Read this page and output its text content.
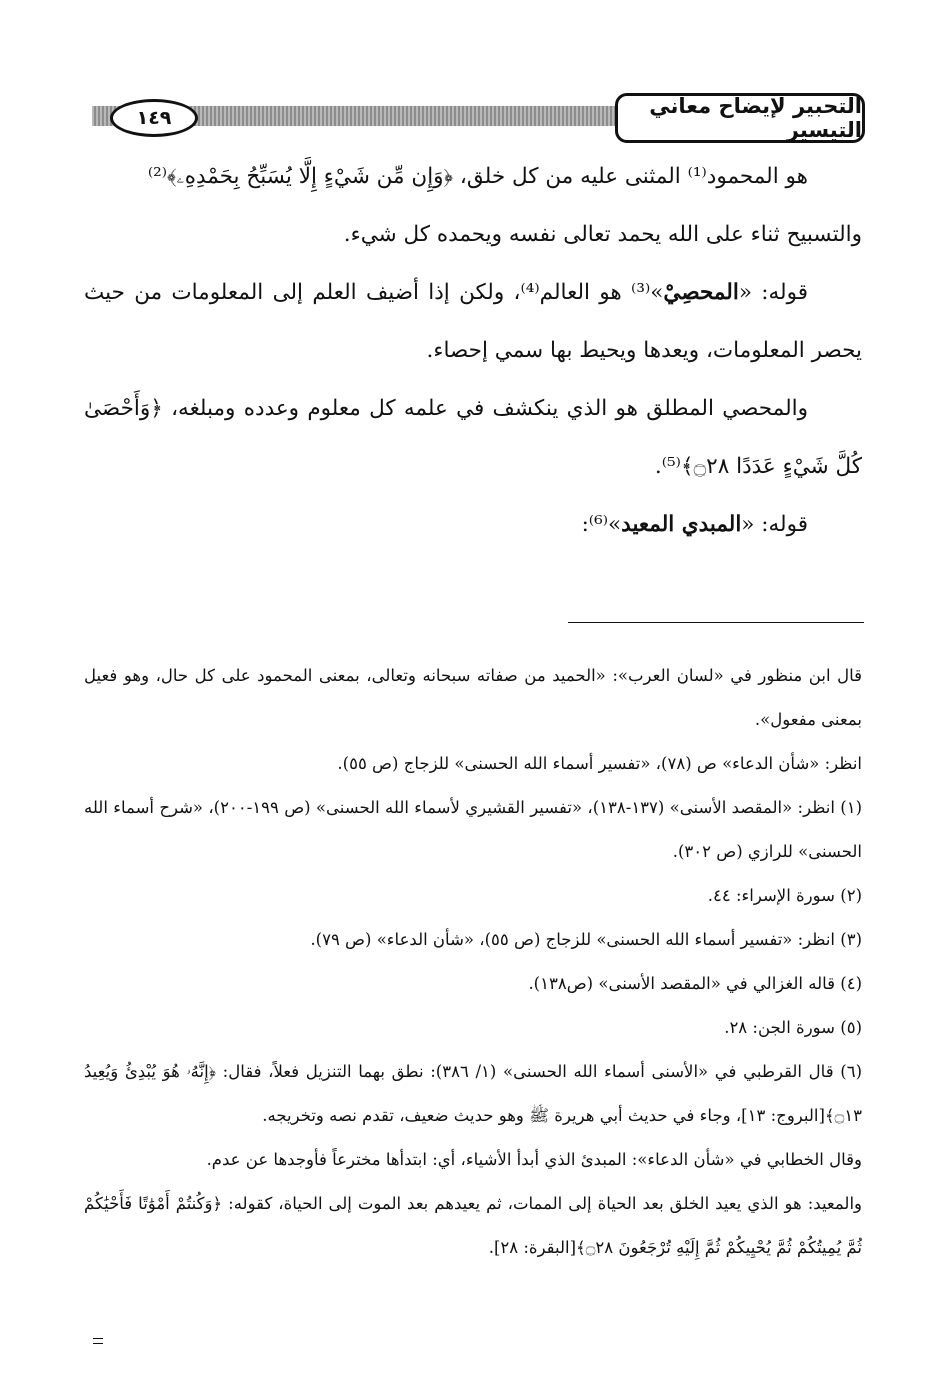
التحبير لإيضاح معاني التيسير
١٤٩

هو المحمود⁽¹⁾ المثنى عليه من كل خلق، ﴿وَإِن مِّن شَيْءٍ إِلَّا يُسَبِّحُ بِحَمْدِهِۦ﴾⁽²⁾

والتسبيح ثناء على الله يحمد تعالى نفسه ويحمده كل شيء.

قوله: «المحصِيْ»⁽³⁾ هو العالم⁽⁴⁾، ولكن إذا أضيف العلم إلى المعلومات من حيث يحصر المعلومات، ويعدها ويحيط بها سمي إحصاء.

والمحصي المطلق هو الذي ينكشف في علمه كل معلوم وعدده ومبلغه، ﴿وَأَحْصَىٰ كُلَّ شَيْءٍ عَدَدًا ۝٢٨﴾⁽⁵⁾.

قوله: «المبدي المعيد»⁽⁶⁾:

قال ابن منظور في «لسان العرب»: «الحميد من صفاته سبحانه وتعالى، بمعنى المحمود على كل حال، وهو فعيل بمعنى مفعول».

انظر: «شأن الدعاء» ص (٧٨)، «تفسير أسماء الله الحسنى» للزجاج (ص ٥٥).

(١) انظر: «المقصد الأسنى» (١٣٧-١٣٨)، «تفسير القشيري لأسماء الله الحسنى» (ص ١٩٩-٢٠٠)، «شرح أسماء الله الحسنى» للرازي (ص ٣٠٢).

(٢) سورة الإسراء: ٤٤.

(٣) انظر: «تفسير أسماء الله الحسنى» للزجاج (ص ٥٥)، «شأن الدعاء» (ص ٧٩).

(٤) قاله الغزالي في «المقصد الأسنى» (ص١٣٨).

(٥) سورة الجن: ٢٨.

(٦) قال القرطبي في «الأسنى أسماء الله الحسنى» (١/ ٣٨٦): نطق بهما التنزيل فعلاً، فقال: ﴿إِنَّهُۥ هُوَ يُبْدِئُ وَيُعِيدُ ۝١٣﴾[البروج: ١٣]، وجاء في حديث أبي هريرة ﷺ وهو حديث ضعيف، تقدم نصه وتخريجه.

وقال الخطابي في «شأن الدعاء»: المبدئ الذي أبدأ الأشياء، أي: ابتدأها مخترعاً فأوجدها عن عدم.

والمعيد: هو الذي يعيد الخلق بعد الحياة إلى الممات، ثم يعيدهم بعد الموت إلى الحياة، كقوله: ﴿وَكُنتُمْ أَمْوَٰتًا فَأَحْيَٰكُمْ ثُمَّ يُمِيتُكُمْ ثُمَّ يُحْيِيكُمْ ثُمَّ إِلَيْهِ تُرْجَعُونَ ۝٢٨﴾[البقرة: ٢٨].
